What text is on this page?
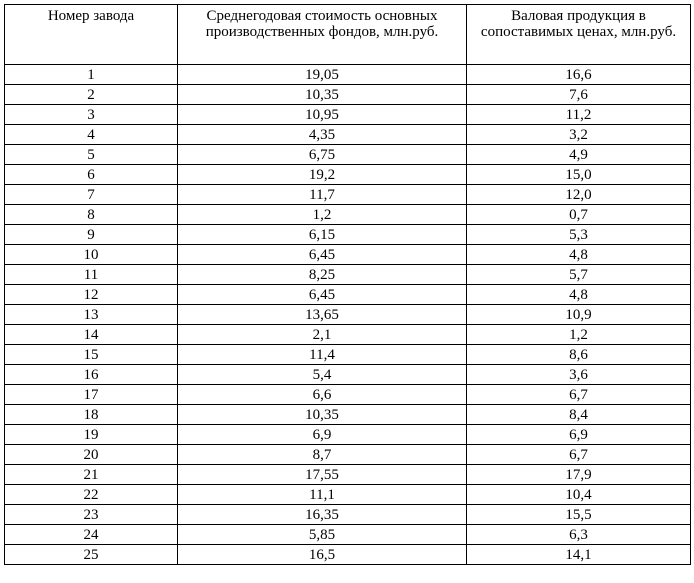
Номер завода	Среднегодовая стоимость основных производственных фондов, млн.руб.	Валовая продукция в сопоставимых ценах, млн.руб.
1	19,05	16,6
2	10,35	7,6
3	10,95	11,2
4	4,35	3,2
5	6,75	4,9
6	19,2	15,0
7	11,7	12,0
8	1,2	0,7
9	6,15	5,3
10	6,45	4,8
11	8,25	5,7
12	6,45	4,8
13	13,65	10,9
14	2,1	1,2
15	11,4	8,6
16	5,4	3,6
17	6,6	6,7
18	10,35	8,4
19	6,9	6,9
20	8,7	6,7
21	17,55	17,9
22	11,1	10,4
23	16,35	15,5
24	5,85	6,3
25	16,5	14,1
